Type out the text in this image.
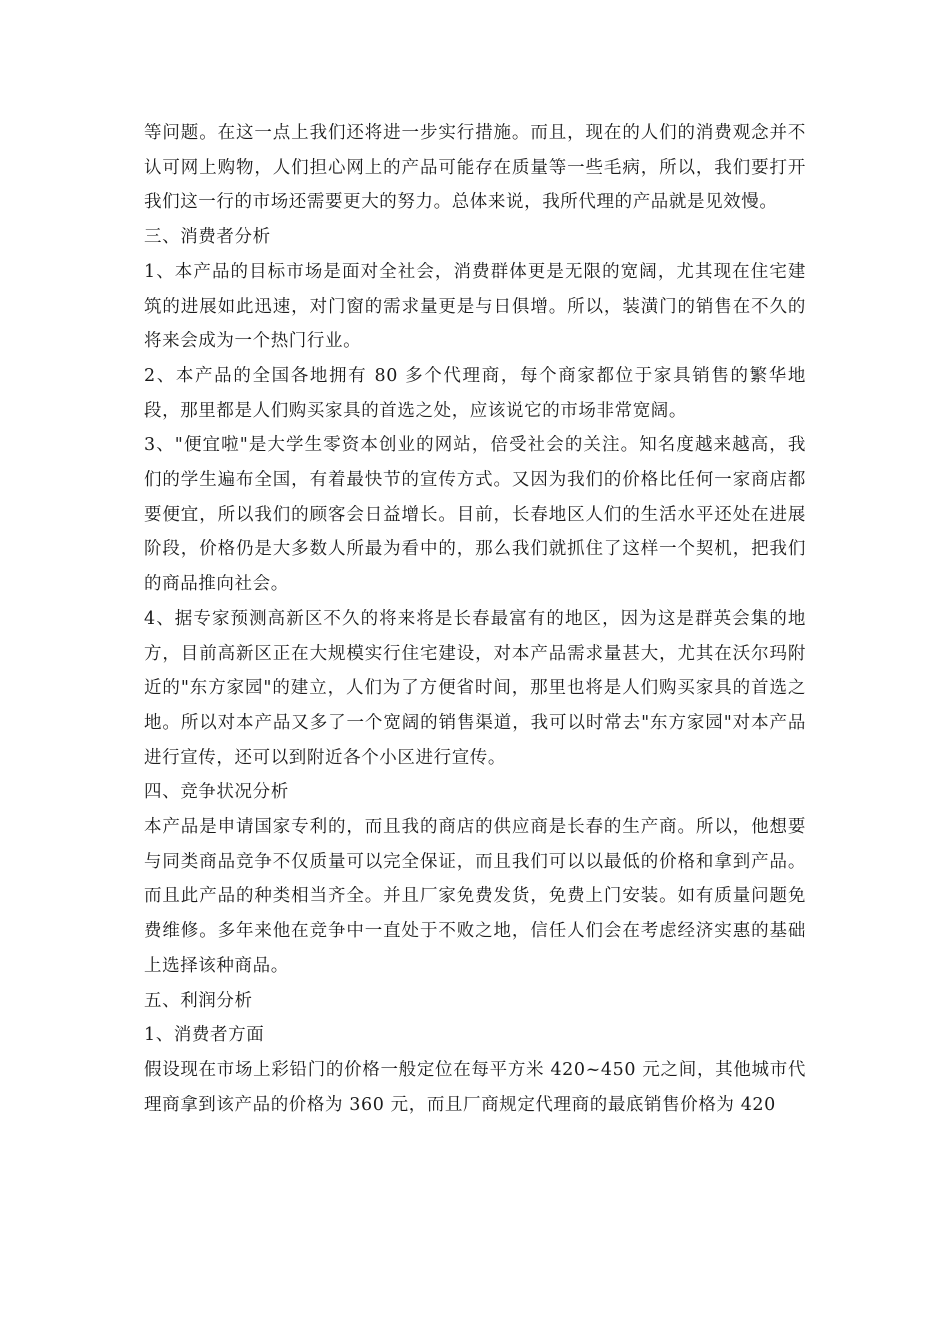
等问题。在这一点上我们还将进一步实行措施。而且，现在的人们的消费观念并不认可网上购物，人们担心网上的产品可能存在质量等一些毛病，所以，我们要打开我们这一行的市场还需要更大的努力。总体来说，我所代理的产品就是见效慢。

三、消费者分析

1、本产品的目标市场是面对全社会，消费群体更是无限的宽阔，尤其现在住宅建筑的进展如此迅速，对门窗的需求量更是与日俱增。所以，装潢门的销售在不久的将来会成为一个热门行业。

2、本产品的全国各地拥有 80 多个代理商，每个商家都位于家具销售的繁华地段，那里都是人们购买家具的首选之处，应该说它的市场非常宽阔。

3、"便宜啦"是大学生零资本创业的网站，倍受社会的关注。知名度越来越高，我们的学生遍布全国，有着最快节的宣传方式。又因为我们的价格比任何一家商店都要便宜，所以我们的顾客会日益增长。目前，长春地区人们的生活水平还处在进展阶段，价格仍是大多数人所最为看中的，那么我们就抓住了这样一个契机，把我们的商品推向社会。

4、据专家预测高新区不久的将来将是长春最富有的地区，因为这是群英会集的地方，目前高新区正在大规模实行住宅建设，对本产品需求量甚大，尤其在沃尔玛附近的"东方家园"的建立，人们为了方便省时间，那里也将是人们购买家具的首选之地。所以对本产品又多了一个宽阔的销售渠道，我可以时常去"东方家园"对本产品进行宣传，还可以到附近各个小区进行宣传。

四、竞争状况分析

本产品是申请国家专利的，而且我的商店的供应商是长春的生产商。所以，他想要与同类商品竞争不仅质量可以完全保证，而且我们可以以最低的价格和拿到产品。而且此产品的种类相当齐全。并且厂家免费发货，免费上门安装。如有质量问题免费维修。多年来他在竞争中一直处于不败之地，信任人们会在考虑经济实惠的基础上选择该种商品。

五、利润分析

1、消费者方面

假设现在市场上彩铅门的价格一般定位在每平方米 420~450 元之间，其他城市代理商拿到该产品的价格为 360 元，而且厂商规定代理商的最底销售价格为 420
